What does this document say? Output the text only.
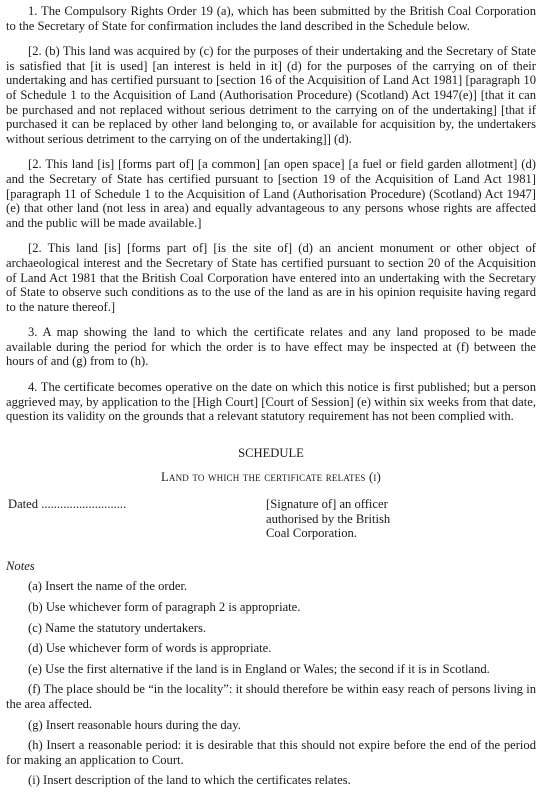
1. The Compulsory Rights Order 19 (a), which has been submitted by the British Coal Corporation to the Secretary of State for confirmation includes the land described in the Schedule below.

[2. (b) This land was acquired by (c) for the purposes of their undertaking and the Secretary of State is satisfied that [it is used] [an interest is held in it] (d) for the purposes of the carrying on of their undertaking and has certified pursuant to [section 16 of the Acquisition of Land Act 1981] [paragraph 10 of Schedule 1 to the Acquisition of Land (Authorisation Procedure) (Scotland) Act 1947(e)] [that it can be purchased and not replaced without serious detriment to the carrying on of the undertaking] [that if purchased it can be replaced by other land belonging to, or available for acquisition by, the undertakers without serious detriment to the carrying on of the undertaking]] (d).

[2. This land [is] [forms part of] [a common] [an open space] [a fuel or field garden allotment] (d) and the Secretary of State has certified pursuant to [section 19 of the Acquisition of Land Act 1981] [paragraph 11 of Schedule 1 to the Acquisition of Land (Authorisation Procedure) (Scotland) Act 1947] (e) that other land (not less in area) and equally advantageous to any persons whose rights are affected and the public will be made available.]

[2. This land [is] [forms part of] [is the site of] (d) an ancient monument or other object of archaeological interest and the Secretary of State has certified pursuant to section 20 of the Acquisition of Land Act 1981 that the British Coal Corporation have entered into an undertaking with the Secretary of State to observe such conditions as to the use of the land as are in his opinion requisite having regard to the nature thereof.]

3. A map showing the land to which the certificate relates and any land proposed to be made available during the period for which the order is to have effect may be inspected at (f) between the hours of and (g) from to (h).

4. The certificate becomes operative on the date on which this notice is first published; but a person aggrieved may, by application to the [High Court] [Court of Session] (e) within six weeks from that date, question its validity on the grounds that a relevant statutory requirement has not been complied with.

SCHEDULE

Land to which the certificate relates (i)

Dated ...........................	[Signature of] an officer
authorised by the British
Coal Corporation.

Notes

(a) Insert the name of the order.

(b) Use whichever form of paragraph 2 is appropriate.

(c) Name the statutory undertakers.

(d) Use whichever form of words is appropriate.

(e) Use the first alternative if the land is in England or Wales; the second if it is in Scotland.

(f) The place should be “in the locality”: it should therefore be within easy reach of persons living in the area affected.

(g) Insert reasonable hours during the day.

(h) Insert a reasonable period: it is desirable that this should not expire before the end of the period for making an application to Court.

(i) Insert description of the land to which the certificates relates.
